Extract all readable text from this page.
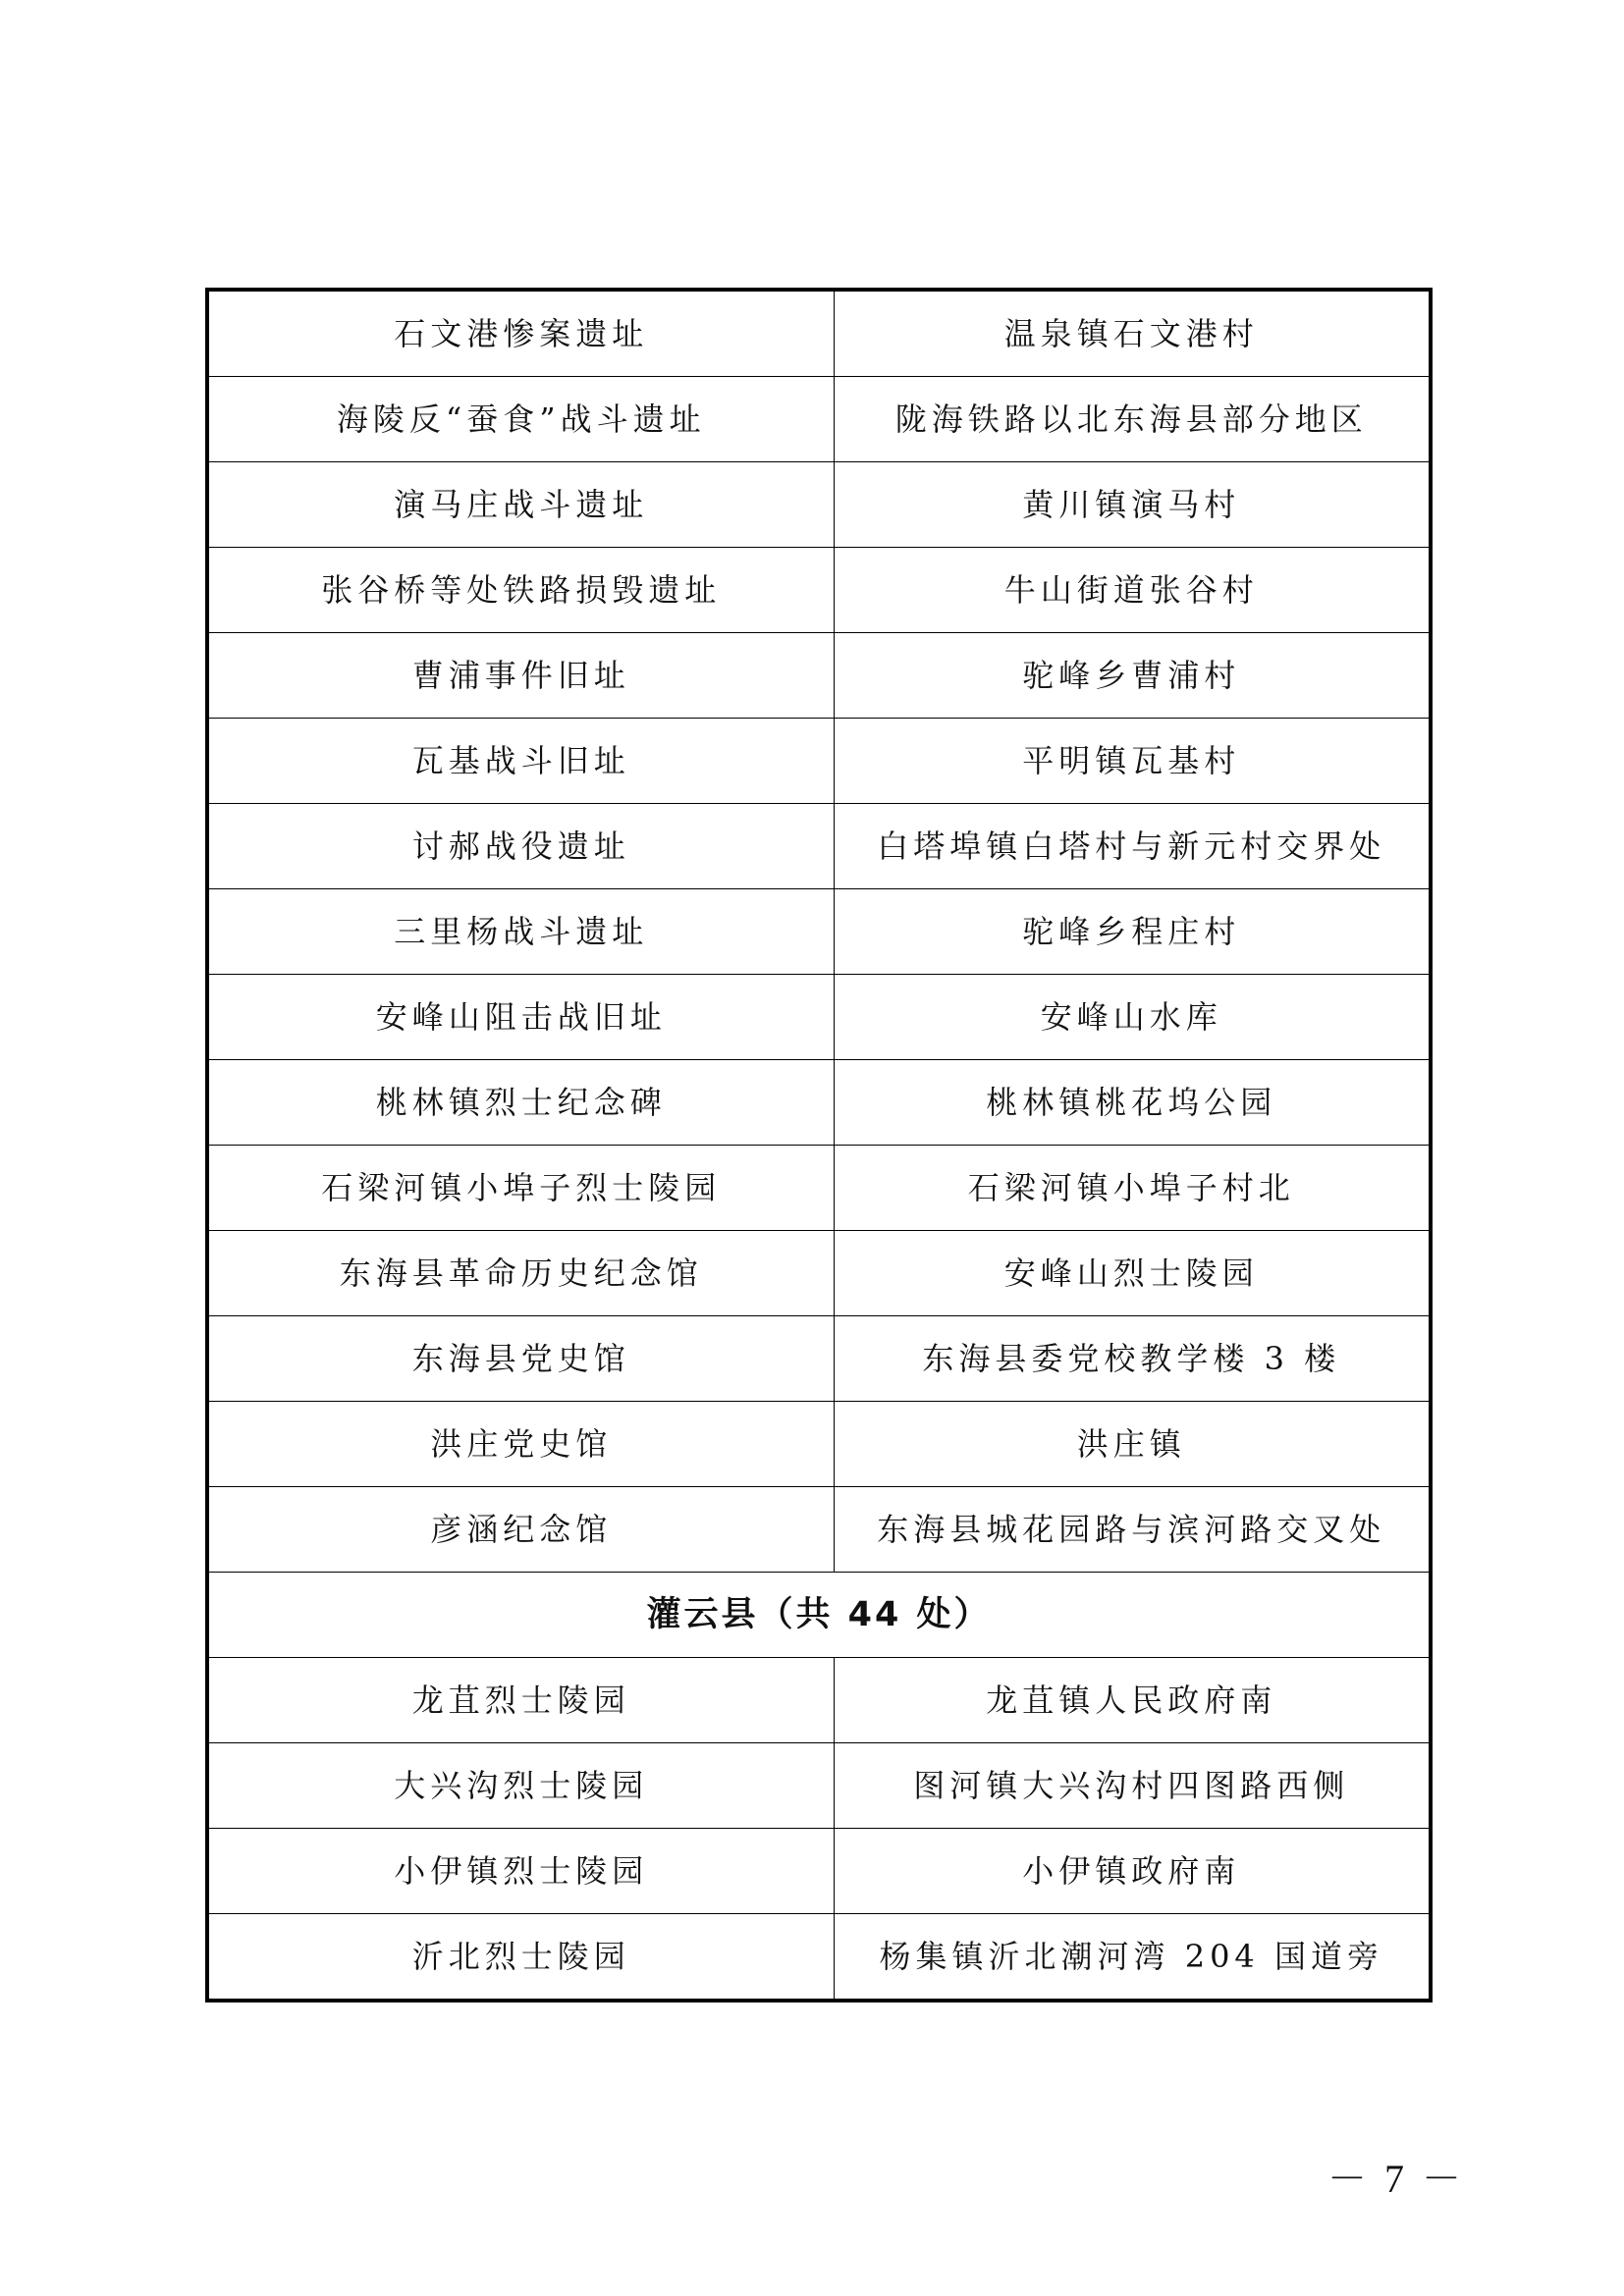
石文港惨案遗址	温泉镇石文港村
海陵反“蚕食”战斗遗址	陇海铁路以北东海县部分地区
演马庄战斗遗址	黄川镇演马村
张谷桥等处铁路损毁遗址	牛山街道张谷村
曹浦事件旧址	驼峰乡曹浦村
瓦基战斗旧址	平明镇瓦基村
讨郝战役遗址	白塔埠镇白塔村与新元村交界处
三里杨战斗遗址	驼峰乡程庄村
安峰山阻击战旧址	安峰山水库
桃林镇烈士纪念碑	桃林镇桃花坞公园
石梁河镇小埠子烈士陵园	石梁河镇小埠子村北
东海县革命历史纪念馆	安峰山烈士陵园
东海县党史馆	东海县委党校教学楼 3 楼
洪庄党史馆	洪庄镇
彦涵纪念馆	东海县城花园路与滨河路交叉处
灌云县（共 44 处）	
龙苴烈士陵园	龙苴镇人民政府南
大兴沟烈士陵园	图河镇大兴沟村四图路西侧
小伊镇烈士陵园	小伊镇政府南
沂北烈士陵园	杨集镇沂北潮河湾 204 国道旁
－ 7 －
